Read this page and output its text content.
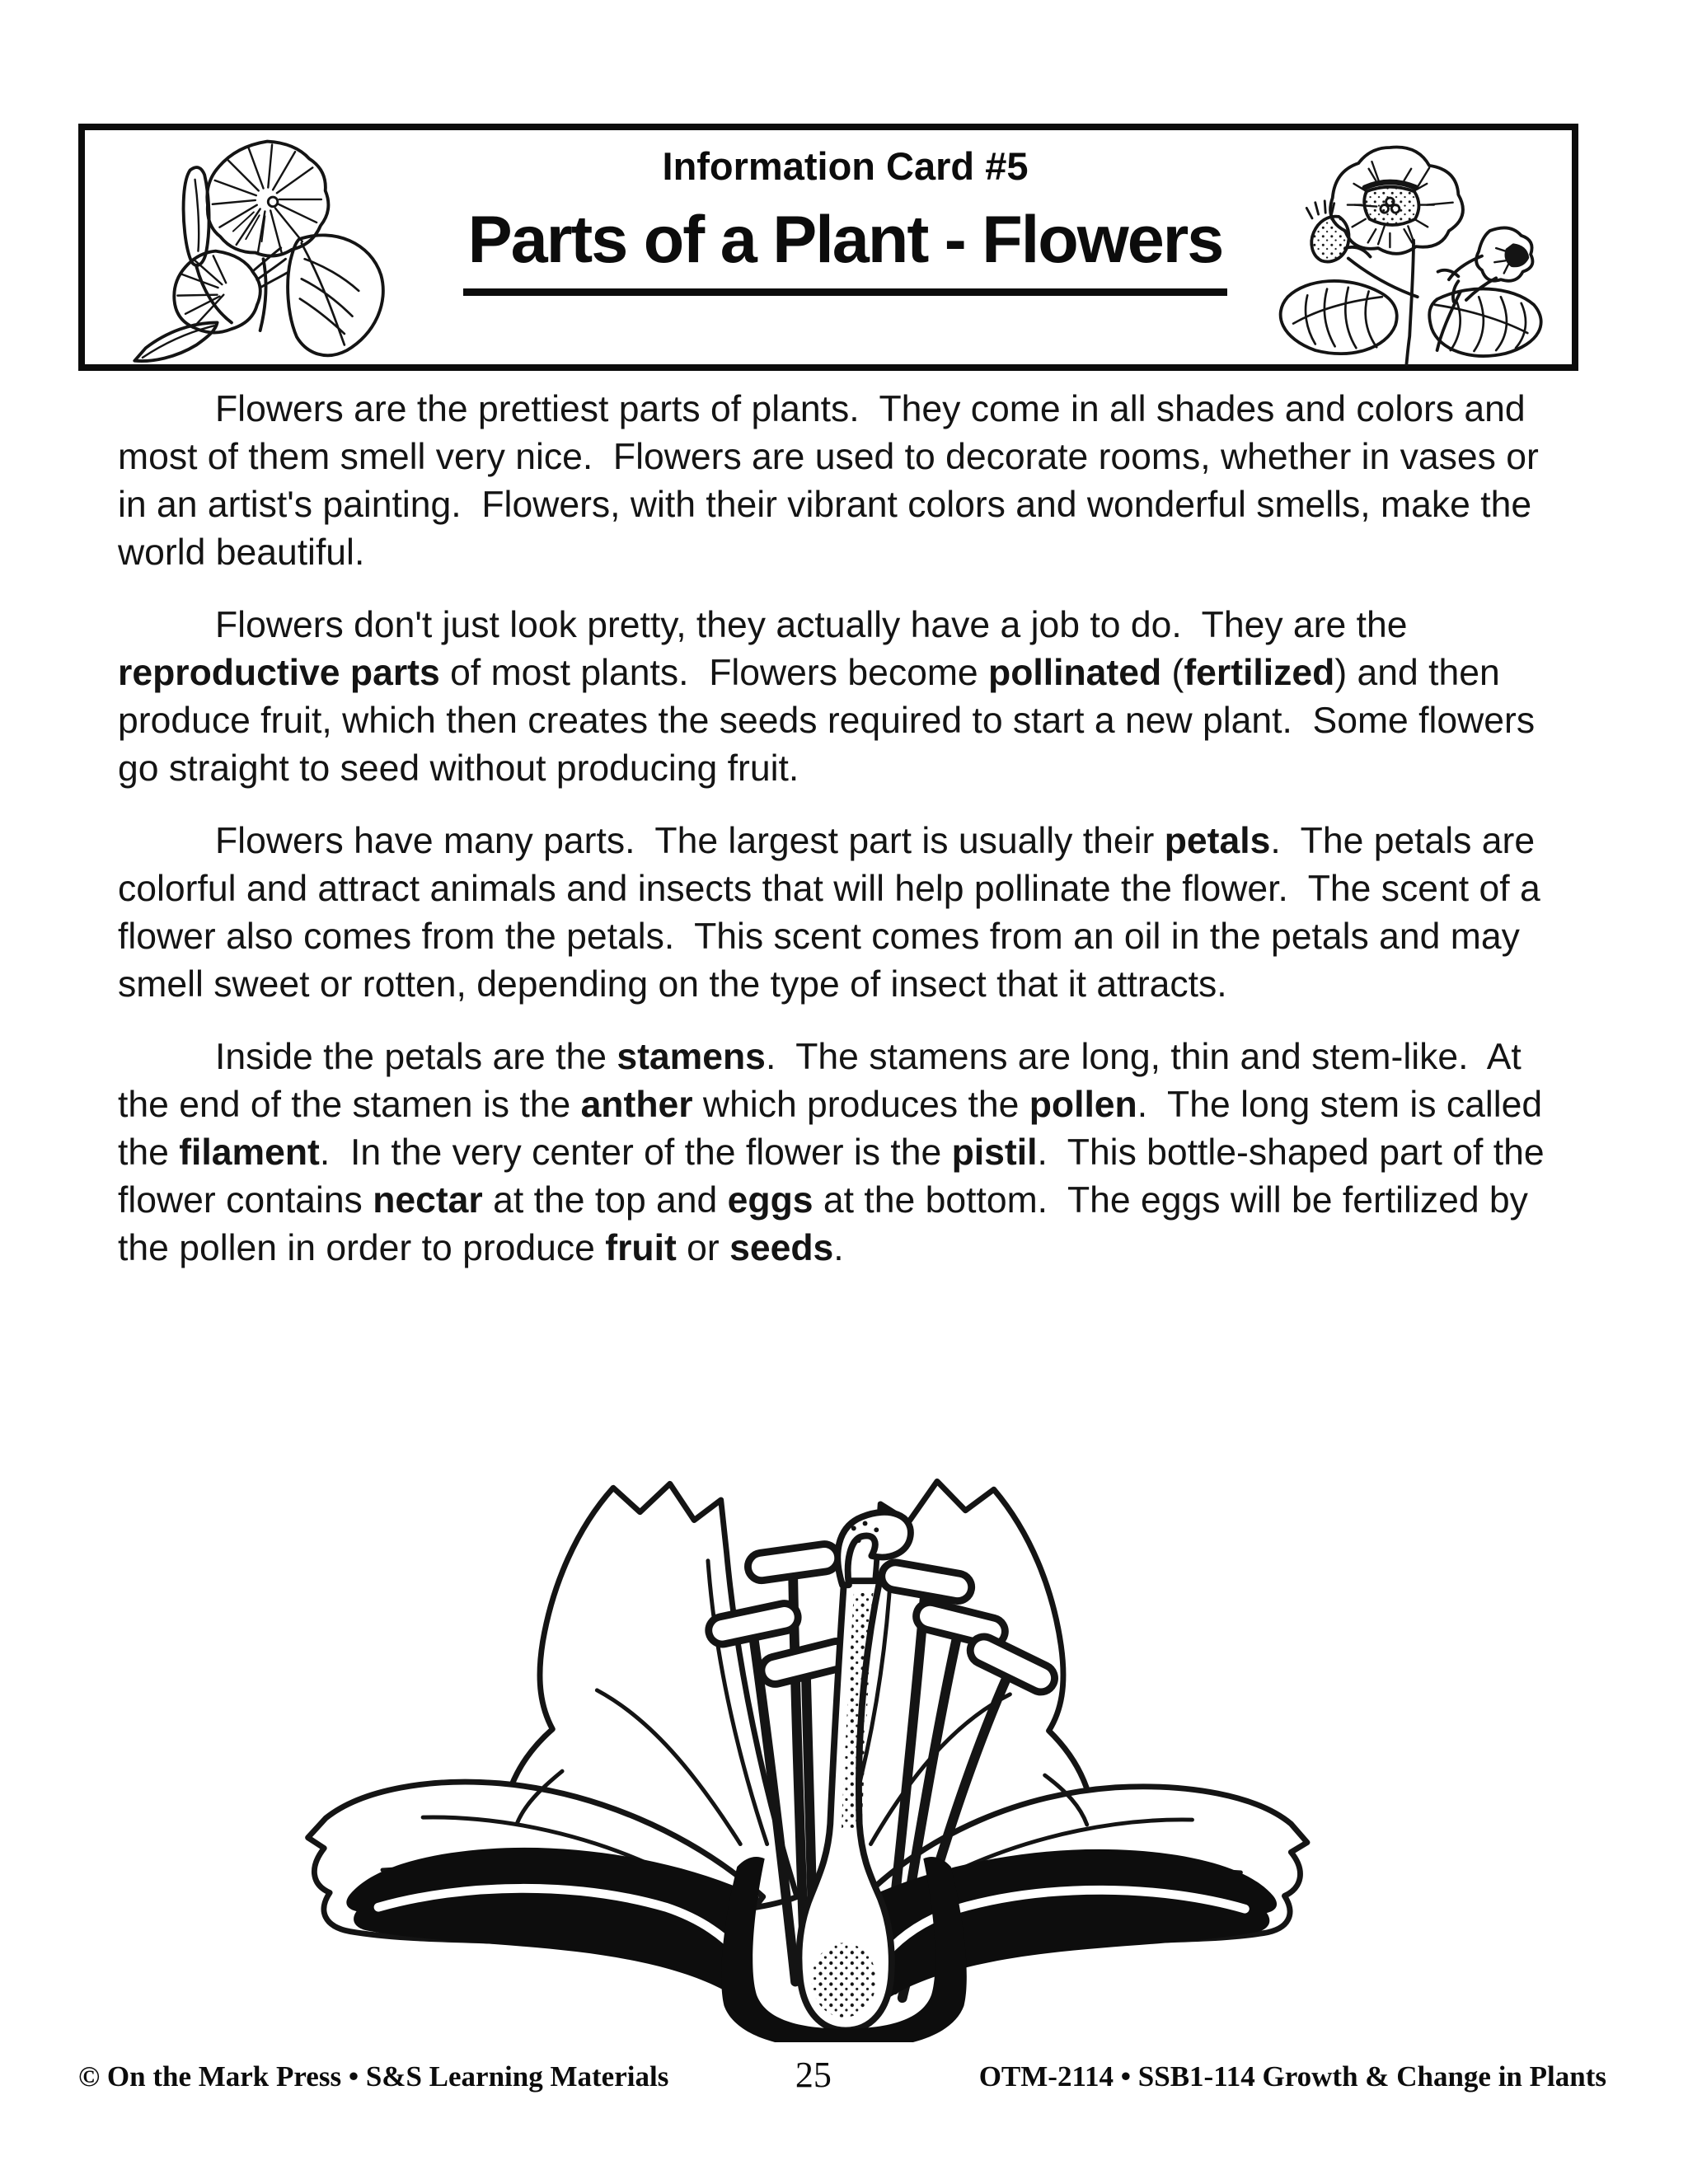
Information Card #5
Parts of a Plant - Flowers

Flowers are the prettiest parts of plants.  They come in all shades and colors and most of them smell very nice.  Flowers are used to decorate rooms, whether in vases or in an artist's painting.  Flowers, with their vibrant colors and wonderful smells, make the world beautiful.

Flowers don't just look pretty, they actually have a job to do.  They are the reproductive parts of most plants.  Flowers become pollinated (fertilized) and then produce fruit, which then creates the seeds required to start a new plant.  Some flowers go straight to seed without producing fruit.

Flowers have many parts.  The largest part is usually their petals.  The petals are colorful and attract animals and insects that will help pollinate the flower.  The scent of a flower also comes from the petals.  This scent comes from an oil in the petals and may smell sweet or rotten, depending on the type of insect that it attracts.

Inside the petals are the stamens.  The stamens are long, thin and stem-like.  At the end of the stamen is the anther which produces the pollen.  The long stem is called the filament.  In the very center of the flower is the pistil.  This bottle-shaped part of the flower contains nectar at the top and eggs at the bottom.  The eggs will be fertilized by the pollen in order to produce fruit or seeds.

© On the Mark Press • S&S Learning Materials	25	OTM-2114 • SSB1-114 Growth & Change in Plants
